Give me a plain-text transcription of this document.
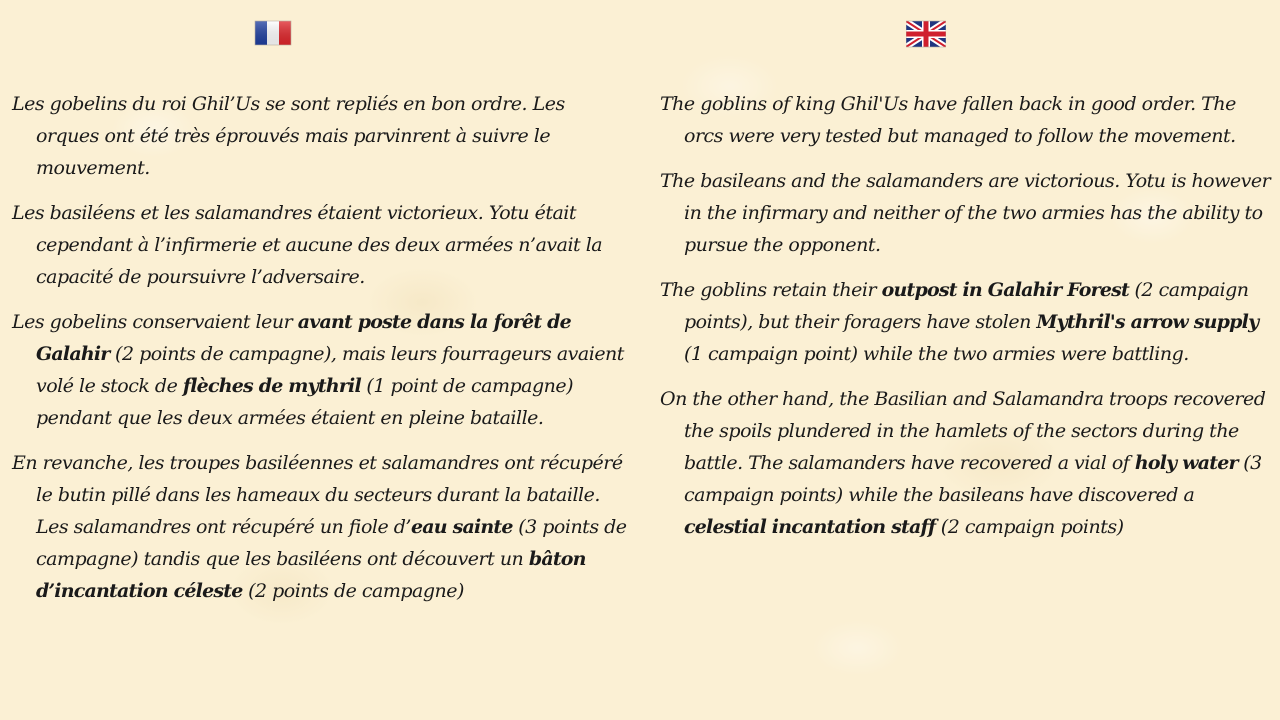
Les gobelins du roi Ghil’Us se sont repliés en bon ordre. Les orques ont été très éprouvés mais parvinrent à suivre le mouvement.

Les basiléens et les salamandres étaient victorieux. Yotu était cependant à l’infirmerie et aucune des deux armées n’avait la capacité de poursuivre l’adversaire.

Les gobelins conservaient leur avant poste dans la forêt de Galahir (2 points de campagne), mais leurs fourrageurs avaient volé le stock de flèches de mythril (1 point de campagne) pendant que les deux armées étaient en pleine bataille.

En revanche, les troupes basiléennes et salamandres ont récupéré le butin pillé dans les hameaux du secteurs durant la bataille. Les salamandres ont récupéré un fiole d’eau sainte (3 points de campagne) tandis que les basiléens ont découvert un bâton d’incantation céleste (2 points de campagne)

The goblins of king Ghil'Us have fallen back in good order. The orcs were very tested but managed to follow the movement.

The basileans and the salamanders are victorious. Yotu is however in the infirmary and neither of the two armies has the ability to pursue the opponent.

The goblins retain their outpost in Galahir Forest (2 campaign points), but their foragers have stolen Mythril's arrow supply (1 campaign point) while the two armies were battling.

On the other hand, the Basilian and Salamandra troops recovered the spoils plundered in the hamlets of the sectors during the battle. The salamanders have recovered a vial of holy water (3 campaign points) while the basileans have discovered a celestial incantation staff (2 campaign points)
